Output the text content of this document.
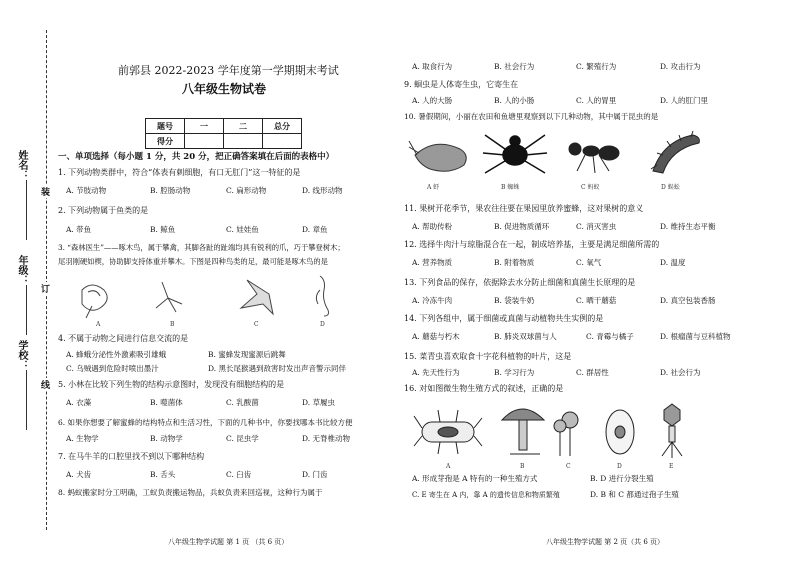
姓名：
年级：
学校：
装
订
线
前郭县 2022-2023 学年度第一学期期末考试
八年级生物试卷
题号	一	二	总分
得分			
一、单项选择（每小题 1 分，共 20 分，把正确答案填在后面的表格中）
1. 下列动物类群中，符合“体表有刺细胞，有口无肛门”这一特征的是
A. 节肢动物	B. 腔肠动物	C. 扁形动物	D. 线形动物
2. 下列动物属于鱼类的是
A. 带鱼	B. 鲸鱼	C. 娃娃鱼	D. 章鱼
3. “森林医生”——啄木鸟，属于攀禽，其脚各趾的趾端均具有锐利的爪，巧于攀登树木；
尾羽刚硬如楔，协助脚支持体重并攀木。下图是四种鸟类的足，最可能是啄木鸟的是
A	B	C	D
4. 不属于动物之间进行信息交流的是
A. 蜂蛾分泌性外激素吸引雄蛾	B. 蜜蜂发现蜜源后跳舞
C. 乌贼遇到危险时喷出墨汁	D. 黑长尾猴遇到敌害时发出声音警示同伴
5. 小林在比较下列生物的结构示意图时，发现没有细胞结构的是
A. 衣藻	B. 噬菌体	C. 乳酸菌	D. 草履虫
6. 如果你想要了解蜜蜂的结构特点和生活习性，下面的几种书中，你要找哪本书比较方便
A. 生物学	B. 动物学	C. 昆虫学	D. 无脊椎动物
7. 在马牛羊的口腔里找不到以下哪种结构
A. 犬齿	B. 舌头	C. 臼齿	D. 门齿
8. 蚂蚁搬家时分工明确，工蚁负责搬运物品，兵蚁负责来回巡视，这种行为属于
八年级生物学试题 第 1 页 （共 6 页）
A. 取食行为	B. 社会行为	C. 繁殖行为	D. 攻击行为
9. 蛔虫是人体寄生虫，它寄生在
A. 人的大肠	B. 人的小肠	C. 人的胃里	D. 人的肛门里
10. 暑假期间，小丽在农田和鱼塘里观察到以下几种动物，其中属于昆虫的是
A 虾	B 蜘蛛	C 蚂蚁	D 蜈蚣
11. 果树开花季节，果农往往要在果园里放养蜜蜂，这对果树的意义
A. 帮助传粉	B. 促进物质循环	C. 消灭害虫	D. 维持生态平衡
12. 选择牛肉汁与琼脂混合在一起，制成培养基，主要是满足细菌所需的
A. 营养物质	B. 附着物质	C. 氧气	D. 温度
13. 下列食品的保存，依据除去水分防止细菌和真菌生长原理的是
A. 冷冻牛肉	B. 袋装牛奶	C. 晒干蘑菇	D. 真空包装香肠
14. 下列各组中，属于细菌或真菌与动植物共生实例的是
A. 蘑菇与朽木	B. 肺炎双球菌与人	C. 青霉与橘子	D. 根瘤菌与豆科植物
15. 菜青虫喜欢取食十字花科植物的叶片，这是
A. 先天性行为	B. 学习行为	C. 群居性	D. 社会行为
16. 对如图微生物生殖方式的叙述，正确的是
A	B	C	D	E
A. 形成芽孢是 A 特有的一种生殖方式	B. D 进行分裂生殖
C. E 寄生在 A 内，靠 A 的遗传信息和物质繁殖	D. B 和 C 都通过孢子生殖
八年级生物学试题 第 2 页（共 6 页）
